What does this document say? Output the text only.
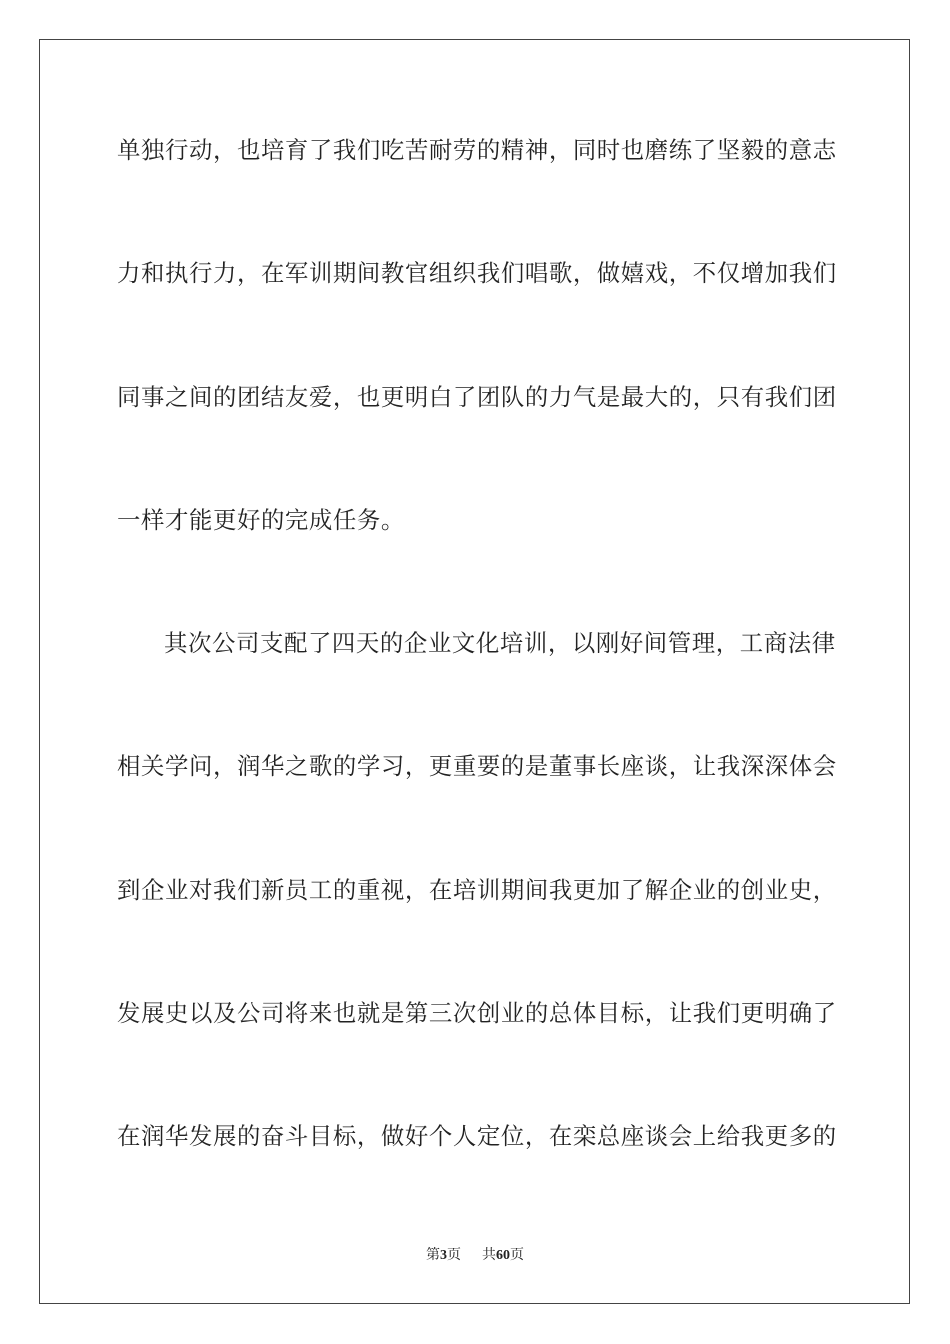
单独行动，也培育了我们吃苦耐劳的精神，同时也磨练了坚毅的意志
力和执行力，在军训期间教官组织我们唱歌，做嬉戏，不仅增加我们
同事之间的团结友爱，也更明白了团队的力气是最大的，只有我们团
一样才能更好的完成任务。
其次公司支配了四天的企业文化培训，以刚好间管理，工商法律
相关学问，润华之歌的学习，更重要的是董事长座谈，让我深深体会
到企业对我们新员工的重视，在培训期间我更加了解企业的创业史，
发展史以及公司将来也就是第三次创业的总体目标，让我们更明确了
在润华发展的奋斗目标，做好个人定位，在栾总座谈会上给我更多的
第3页 共60页
